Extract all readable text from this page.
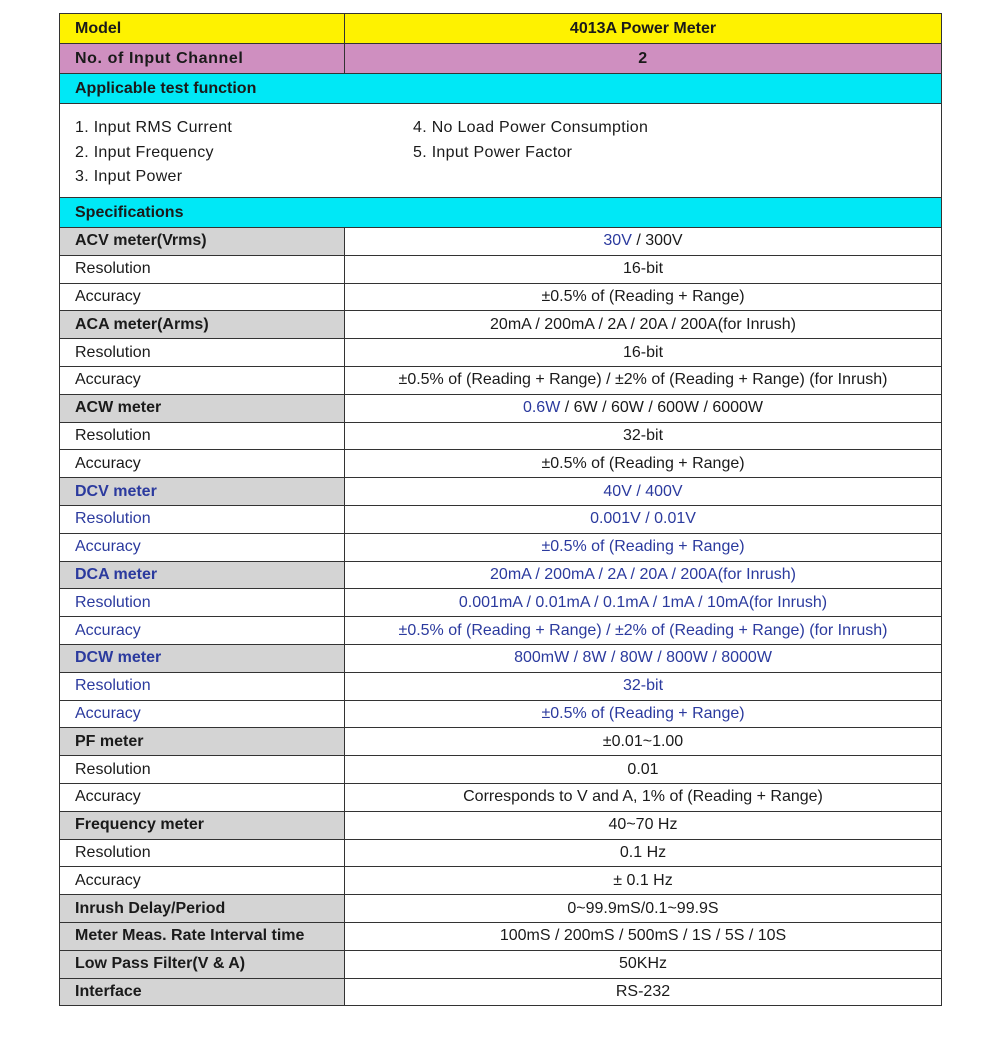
Model	4013A Power Meter
No. of Input Channel	2
Applicable test function	

1. Input RMS Current
2. Input Frequency
3. Input Power
4. No Load Power Consumption
5. Input Power Factor	

Specifications	
ACV meter(Vrms)	30V / 300V
Resolution	16-bit
Accuracy	±0.5% of (Reading + Range)
ACA meter(Arms)	20mA / 200mA / 2A / 20A / 200A(for Inrush)
Resolution	16-bit
Accuracy	±0.5% of (Reading + Range) / ±2% of (Reading + Range) (for Inrush)
ACW meter	0.6W / 6W / 60W / 600W / 6000W
Resolution	32-bit
Accuracy	±0.5% of (Reading + Range)
DCV meter	40V / 400V
Resolution	0.001V / 0.01V
Accuracy	±0.5% of (Reading + Range)
DCA meter	20mA / 200mA / 2A / 20A / 200A(for Inrush)
Resolution	0.001mA / 0.01mA / 0.1mA / 1mA / 10mA(for Inrush)
Accuracy	±0.5% of (Reading + Range) / ±2% of (Reading + Range) (for Inrush)
DCW meter	800mW / 8W / 80W / 800W / 8000W
Resolution	32-bit
Accuracy	±0.5% of (Reading + Range)
PF meter	±0.01~1.00
Resolution	0.01
Accuracy	Corresponds to V and A, 1% of (Reading + Range)
Frequency meter	40~70 Hz
Resolution	0.1 Hz
Accuracy	± 0.1 Hz
Inrush Delay/Period	0~99.9mS/0.1~99.9S
Meter Meas. Rate Interval time	100mS / 200mS / 500mS / 1S / 5S / 10S
Low Pass Filter(V & A)	50KHz
Interface	RS-232
